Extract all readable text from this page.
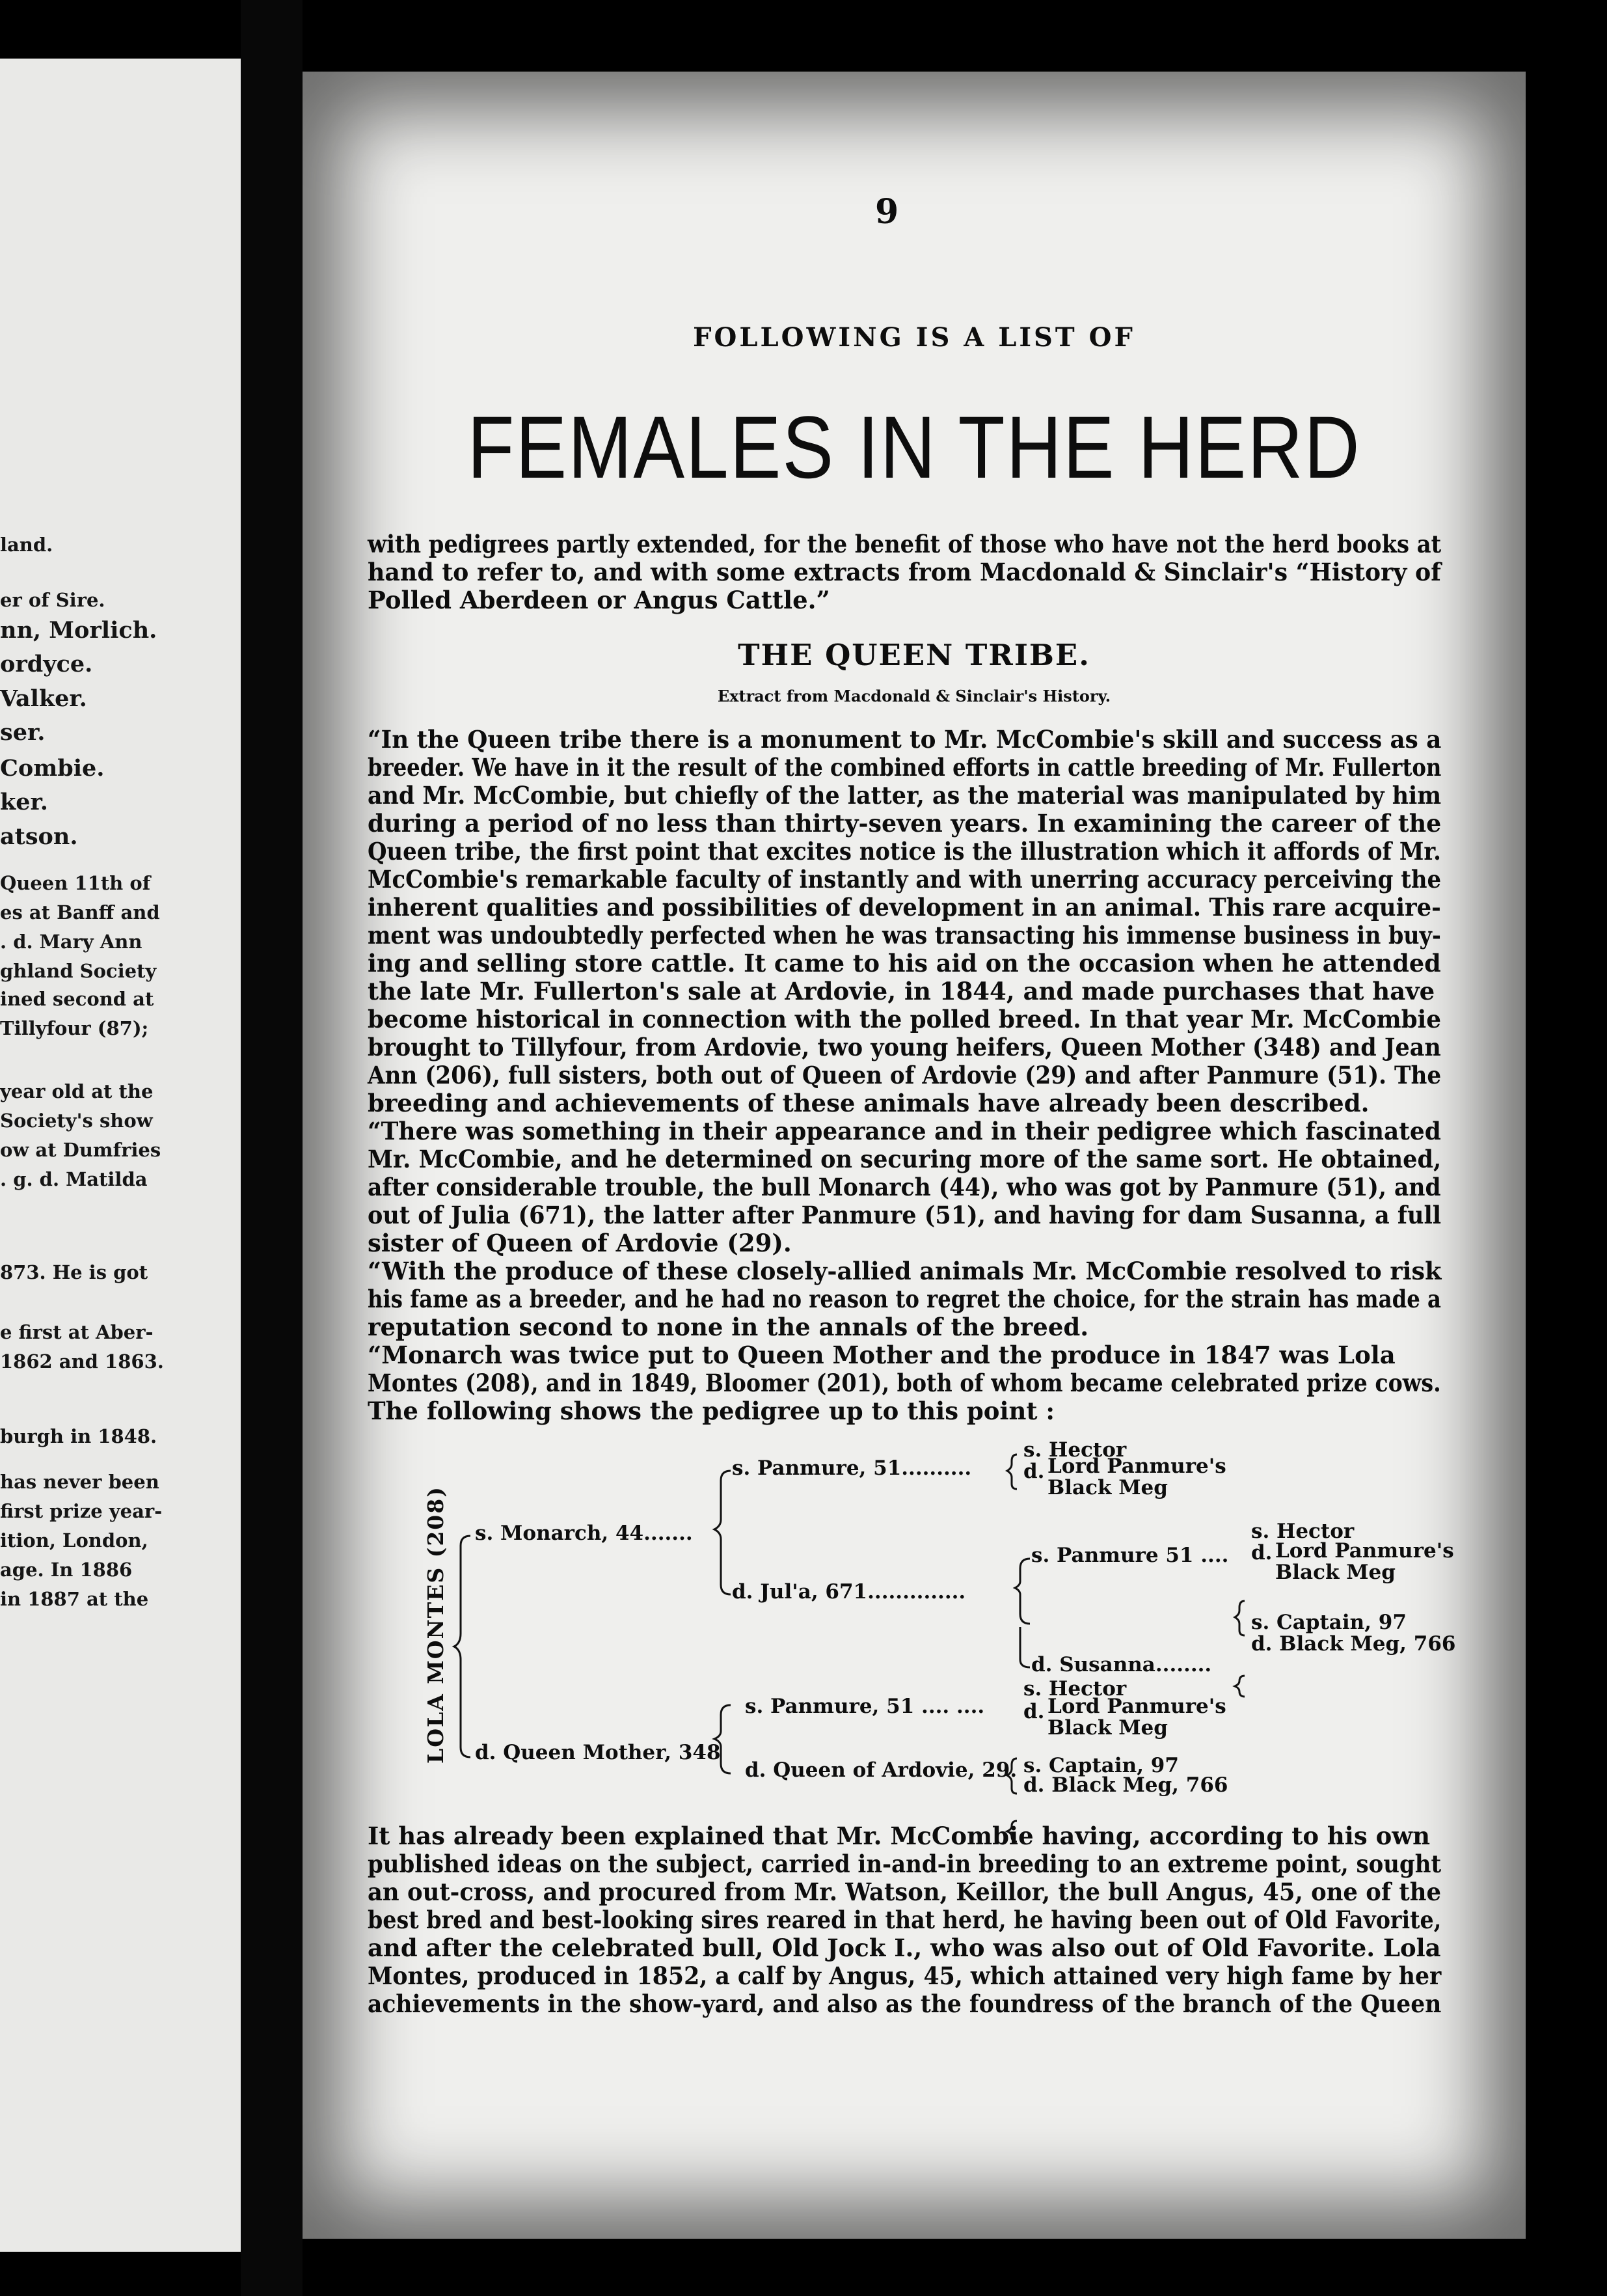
land.
er of Sire.
nn, Morlich.
ordyce.
Valker.
ser.
Combie.
ker.
atson.
Queen 11th of
es at Banff and
. d. Mary Ann
ghland Society
ined second at
Tillyfour (87);
year old at the
Society's show
ow at Dumfries
. g. d. Matilda
873. He is got
e first at Aber-
1862 and 1863.
burgh in 1848.
has never been
first prize year-
ition, London,
age. In 1886
in 1887 at the
9
FOLLOWING IS A LIST OF
FEMALES IN THE HERD
with pedigrees partly extended, for the benefit of those who have not the herd books at
hand to refer to, and with some extracts from Macdonald & Sinclair's “History of
Polled Aberdeen or Angus Cattle.”
THE QUEEN TRIBE.
Extract from Macdonald & Sinclair's History.
“In the Queen tribe there is a monument to Mr. McCombie's skill and success as a
breeder. We have in it the result of the combined efforts in cattle breeding of Mr. Fullerton
and Mr. McCombie, but chiefly of the latter, as the material was manipulated by him
during a period of no less than thirty-seven years. In examining the career of the
Queen tribe, the first point that excites notice is the illustration which it affords of Mr.
McCombie's remarkable faculty of instantly and with unerring accuracy perceiving the
inherent qualities and possibilities of development in an animal. This rare acquire-
ment was undoubtedly perfected when he was transacting his immense business in buy-
ing and selling store cattle. It came to his aid on the occasion when he attended
the late Mr. Fullerton's sale at Ardovie, in 1844, and made purchases that have
become historical in connection with the polled breed. In that year Mr. McCombie
brought to Tillyfour, from Ardovie, two young heifers, Queen Mother (348) and Jean
Ann (206), full sisters, both out of Queen of Ardovie (29) and after Panmure (51). The
breeding and achievements of these animals have already been described.
“There was something in their appearance and in their pedigree which fascinated
Mr. McCombie, and he determined on securing more of the same sort. He obtained,
after considerable trouble, the bull Monarch (44), who was got by Panmure (51), and
out of Julia (671), the latter after Panmure (51), and having for dam Susanna, a full
sister of Queen of Ardovie (29).
“With the produce of these closely-allied animals Mr. McCombie resolved to risk
his fame as a breeder, and he had no reason to regret the choice, for the strain has made a
reputation second to none in the annals of the breed.
“Monarch was twice put to Queen Mother and the produce in 1847 was Lola
Montes (208), and in 1849, Bloomer (201), both of whom became celebrated prize cows.
The following shows the pedigree up to this point :
LOLA MONTES (208) s. Monarch, 44.......
d. Queen Mother, 348
s. Panmure, 51..........
d. Jul'a, 671..............
s. Panmure, 51 .... ....
d. Queen of Ardovie, 29.
s. Hector
d. Lord Panmure's
Black Meg
s. Panmure 51 ....
d. Susanna........
s. Hector
d. Lord Panmure's
Black Meg
s. Captain, 97
d. Black Meg, 766
s. Hector
d. Lord Panmure's
Black Meg
s. Captain, 97
d. Black Meg, 766
It has already been explained that Mr. McCombie having, according to his own
published ideas on the subject, carried in-and-in breeding to an extreme point, sought
an out-cross, and procured from Mr. Watson, Keillor, the bull Angus, 45, one of the
best bred and best-looking sires reared in that herd, he having been out of Old Favorite,
and after the celebrated bull, Old Jock I., who was also out of Old Favorite. Lola
Montes, produced in 1852, a calf by Angus, 45, which attained very high fame by her
achievements in the show-yard, and also as the foundress of the branch of the Queen
